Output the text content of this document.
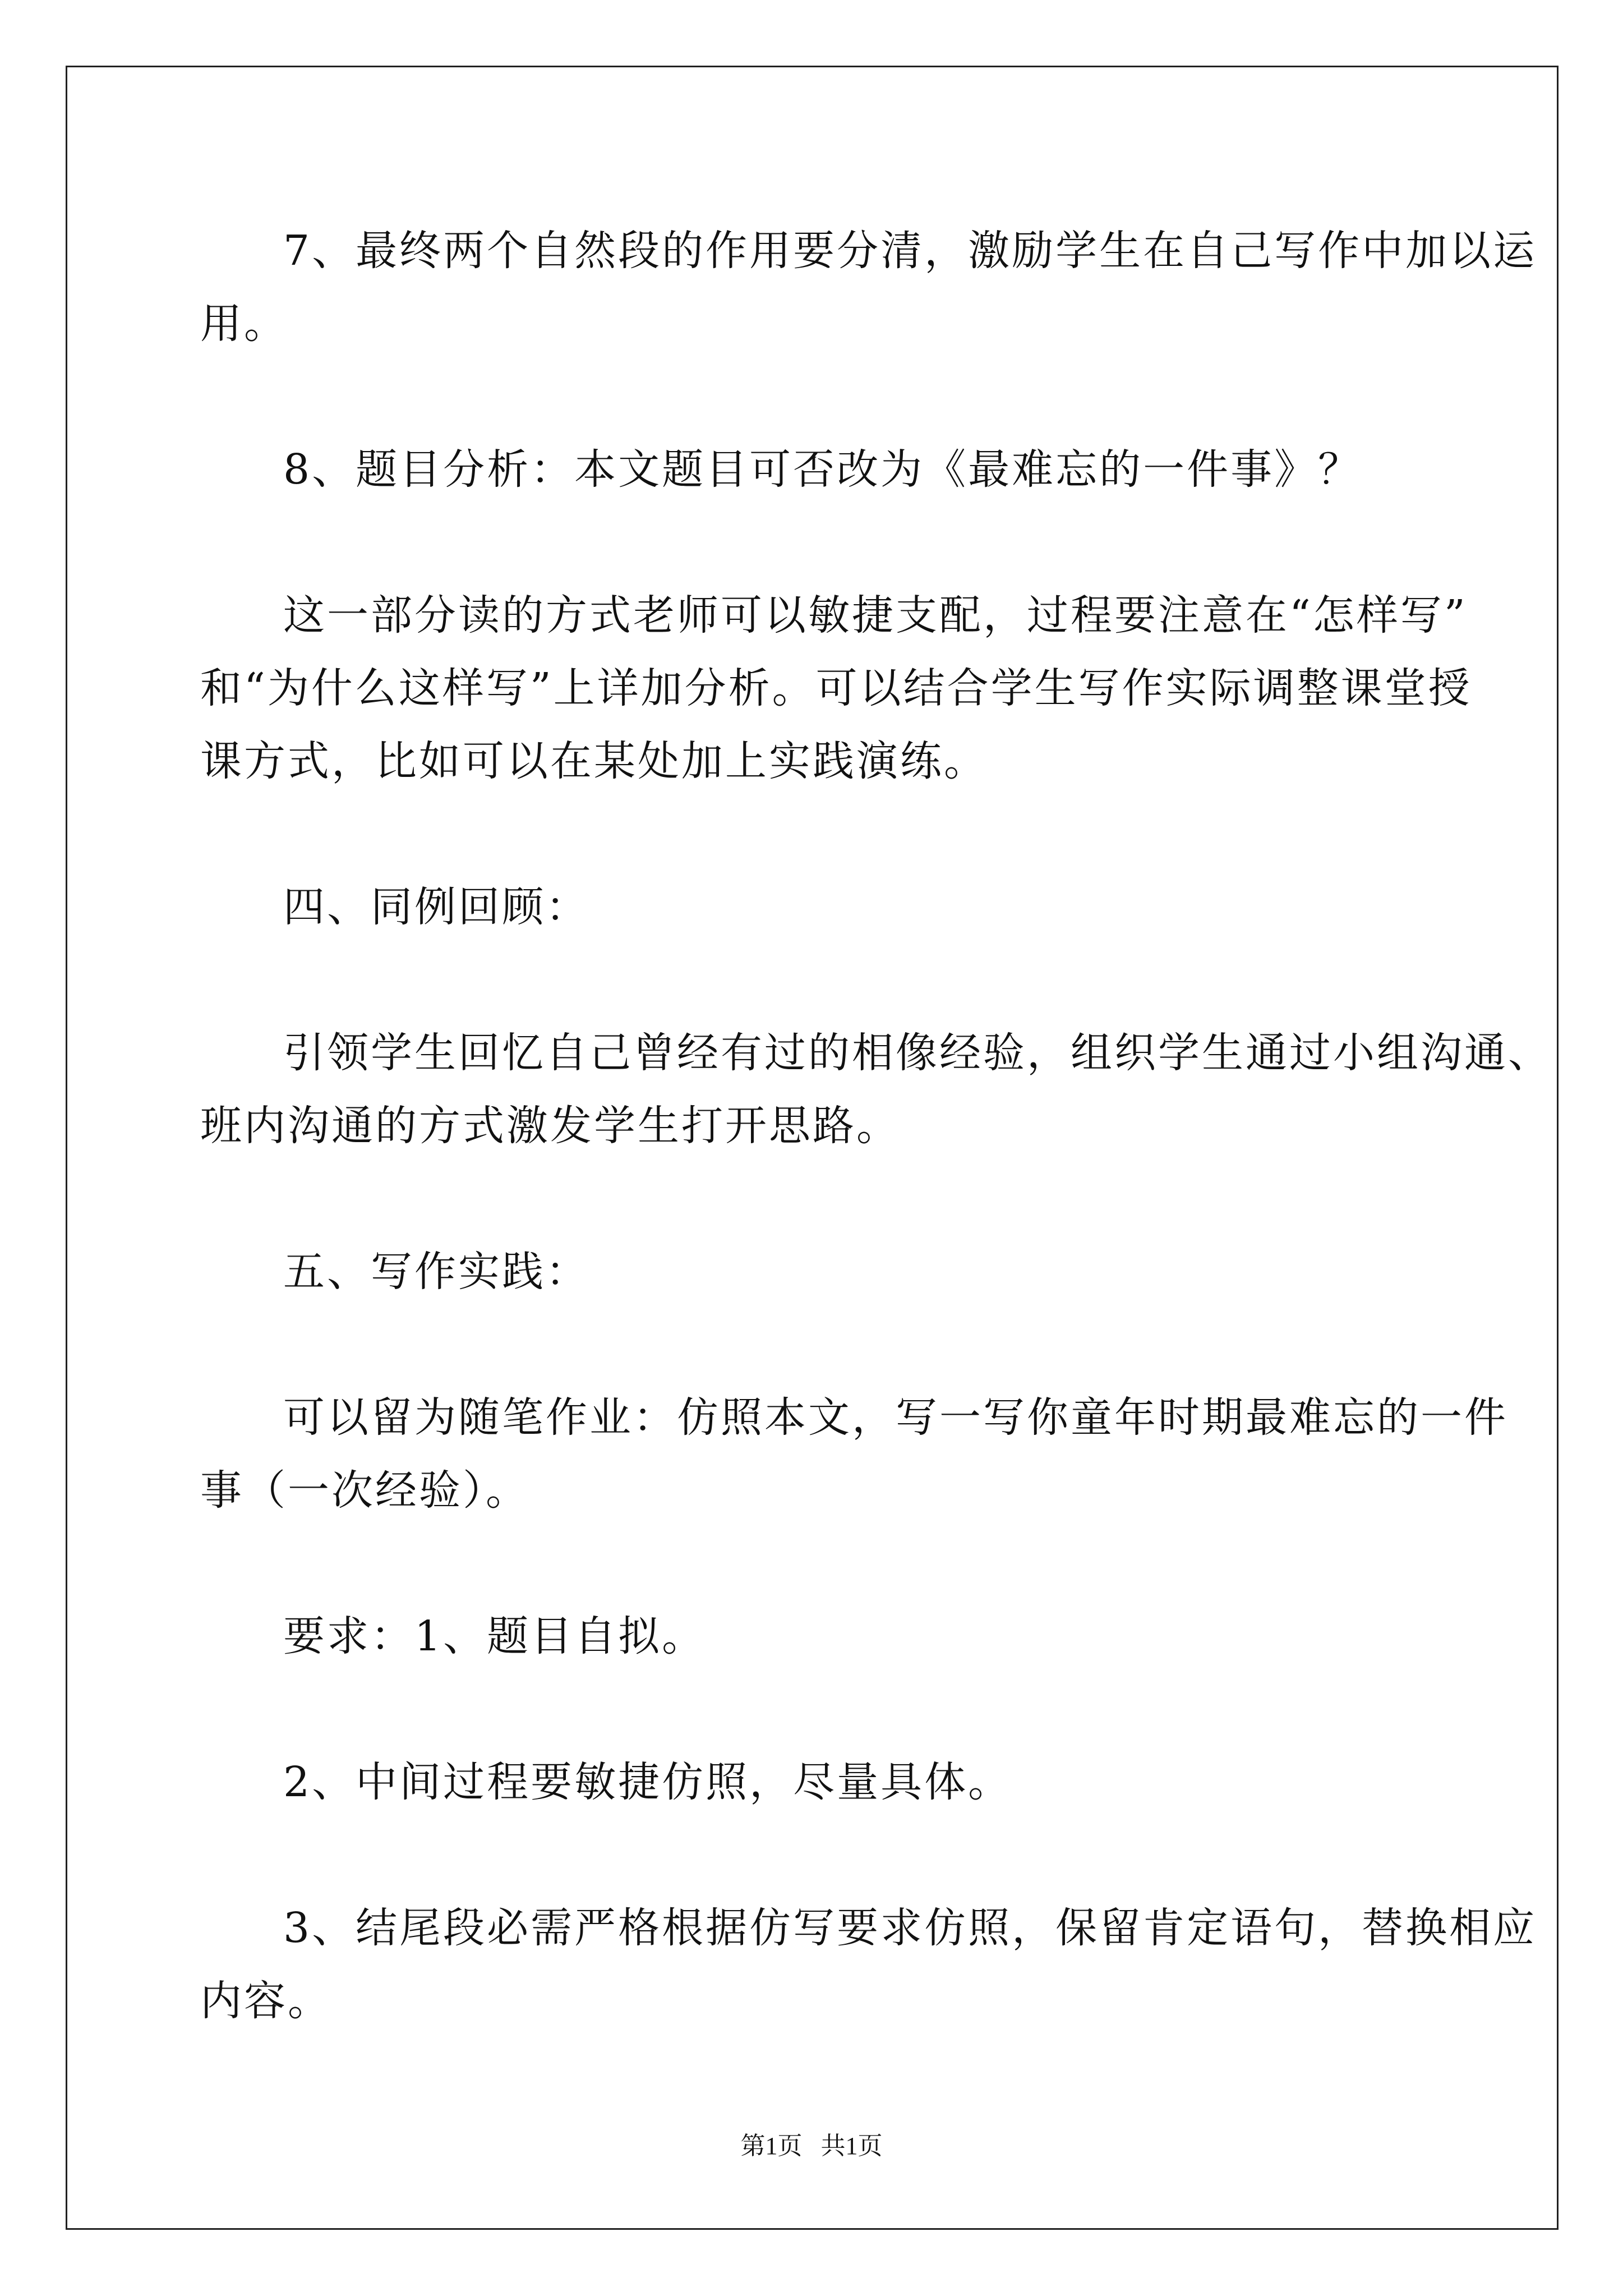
7、最终两个自然段的作用要分清，激励学生在自己写作中加以运
用。
8、题目分析：本文题目可否改为《最难忘的一件事》？
这一部分读的方式老师可以敏捷支配，过程要注意在“怎样写”
和“为什么这样写”上详加分析。可以结合学生写作实际调整课堂授
课方式，比如可以在某处加上实践演练。
四、同例回顾：
引领学生回忆自己曾经有过的相像经验，组织学生通过小组沟通、
班内沟通的方式激发学生打开思路。
五、写作实践：
可以留为随笔作业：仿照本文，写一写你童年时期最难忘的一件
事（一次经验）。
要求：1、题目自拟。
2、中间过程要敏捷仿照，尽量具体。
3、结尾段必需严格根据仿写要求仿照，保留肯定语句，替换相应
内容。
第1页   共1页
